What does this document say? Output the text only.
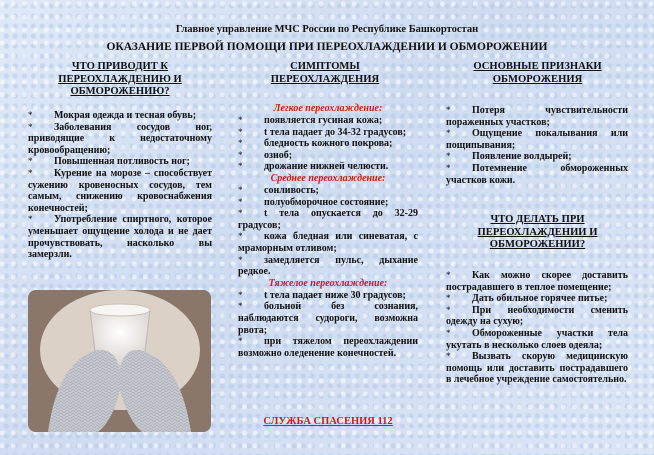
Главное управление МЧС России по Республике Башкортостан
ОКАЗАНИЕ ПЕРВОЙ ПОМОЩИ ПРИ ПЕРЕОХЛАЖДЕНИИ И ОБМОРОЖЕНИИ
ЧТО ПРИВОДИТ К
ПЕРЕОХЛАЖДЕНИЮ И
ОБМОРОЖЕНИЮ?
* Мокрая одежда и тесная обувь;
* Заболевания сосудов ног, приводящие к недостаточному кровообращению;
* Повышенная потливость ног;
* Курение на морозе – способствует сужению кровеносных сосудов, тем самым, снижению кровоснабжения конечностей;
* Употребление спиртного, которое уменьшает ощущение холода и не дает прочувствовать, насколько вы замерзли.
СИМПТОМЫ
ПЕРЕОХЛАЖДЕНИЯ
Легкое переохлаждение:
* появляется гусиная кожа;
* t тела падает до 34-32 градусов;
* бледность кожного покрова;
* озноб;
* дрожание нижней челюсти.
Среднее переохлаждение:
* сонливость;
* полуобморочное состояние;
* t тела опускается до 32-29 градусов;
* кожа бледная или синеватая, с мраморным отливом;
* замедляется пульс, дыхание редкое.
Тяжелое переохлаждение:
* t тела падает ниже 30 градусов;
* больной без сознания, наблюдаются судороги, возможна рвота;
* при тяжелом переохлаждении возможно оледенение конечностей.
СЛУЖБА СПАСЕНИЯ 112
ОСНОВНЫЕ ПРИЗНАКИ
ОБМОРОЖЕНИЯ
* Потеря чувствительности пораженных участков;
* Ощущение покалывания или пощипывания;
* Появление волдырей;
* Потемнение обмороженных участков кожи.
ЧТО ДЕЛАТЬ ПРИ
ПЕРЕОХЛАЖДЕНИИ И
ОБМОРОЖЕНИИ?
* Как можно скорее доставить пострадавшего в теплое помещение;
* Дать обильное горячее питье;
* При необходимости сменить одежду на сухую;
* Обмороженные участки тела укутать в несколько слоев одеяла;
* Вызвать скорую медицинскую помощь или доставить пострадавшего в лечебное учреждение самостоятельно.
